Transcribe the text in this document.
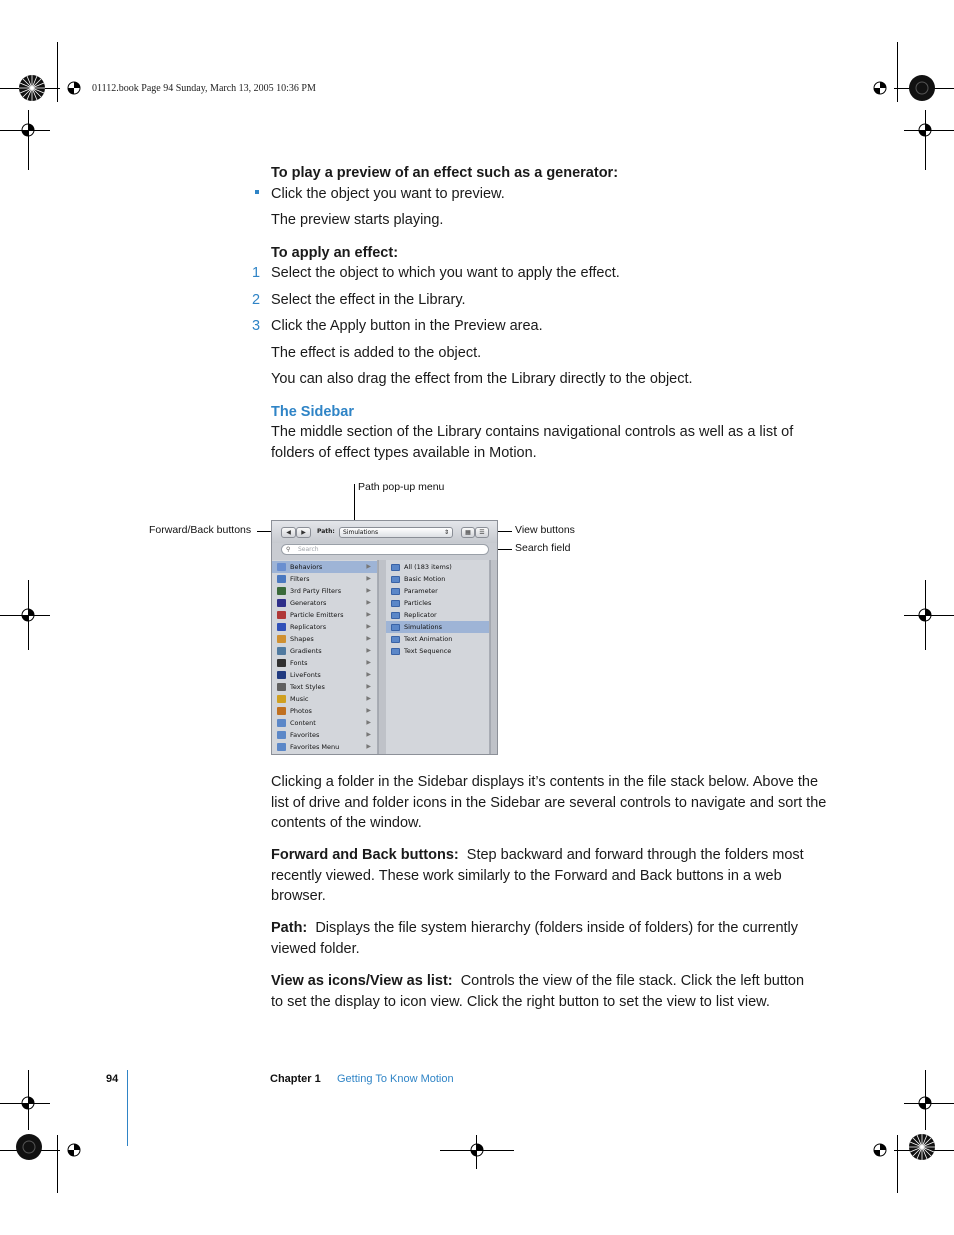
01112.book Page 94 Sunday, March 13, 2005 10:36 PM
To play a preview of an effect such as a generator:
Click the object you want to preview.
The preview starts playing.
To apply an effect:
1 Select the object to which you want to apply the effect.
2 Select the effect in the Library.
3 Click the Apply button in the Preview area.
The effect is added to the object.
You can also drag the effect from the Library directly to the object.
The Sidebar
The middle section of the Library contains navigational controls as well as a list of folders of effect types available in Motion.
Path pop-up menu
Forward/Back buttons	View buttons
Search field
◀	▶	Path:	Simulations	⇕	▦	☰
⚲ Search
Behaviors	▶
Filters	▶
3rd Party Filters	▶
Generators	▶
Particle Emitters	▶
Replicators	▶
Shapes	▶
Gradients	▶
Fonts	▶
LiveFonts	▶
Text Styles	▶
Music	▶
Photos	▶
Content	▶
Favorites	▶
Favorites Menu	▶
All (183 items)
Basic Motion
Parameter
Particles
Replicator
Simulations
Text Animation
Text Sequence
Clicking a folder in the Sidebar displays it’s contents in the file stack below. Above the list of drive and folder icons in the Sidebar are several controls to navigate and sort the contents of the window.
Forward and Back buttons: Step backward and forward through the folders most recently viewed. These work similarly to the Forward and Back buttons in a web browser.
Path: Displays the file system hierarchy (folders inside of folders) for the currently viewed folder.
View as icons/View as list: Controls the view of the file stack. Click the left button to set the display to icon view. Click the right button to set the view to list view.
94	Chapter 1 Getting To Know Motion
